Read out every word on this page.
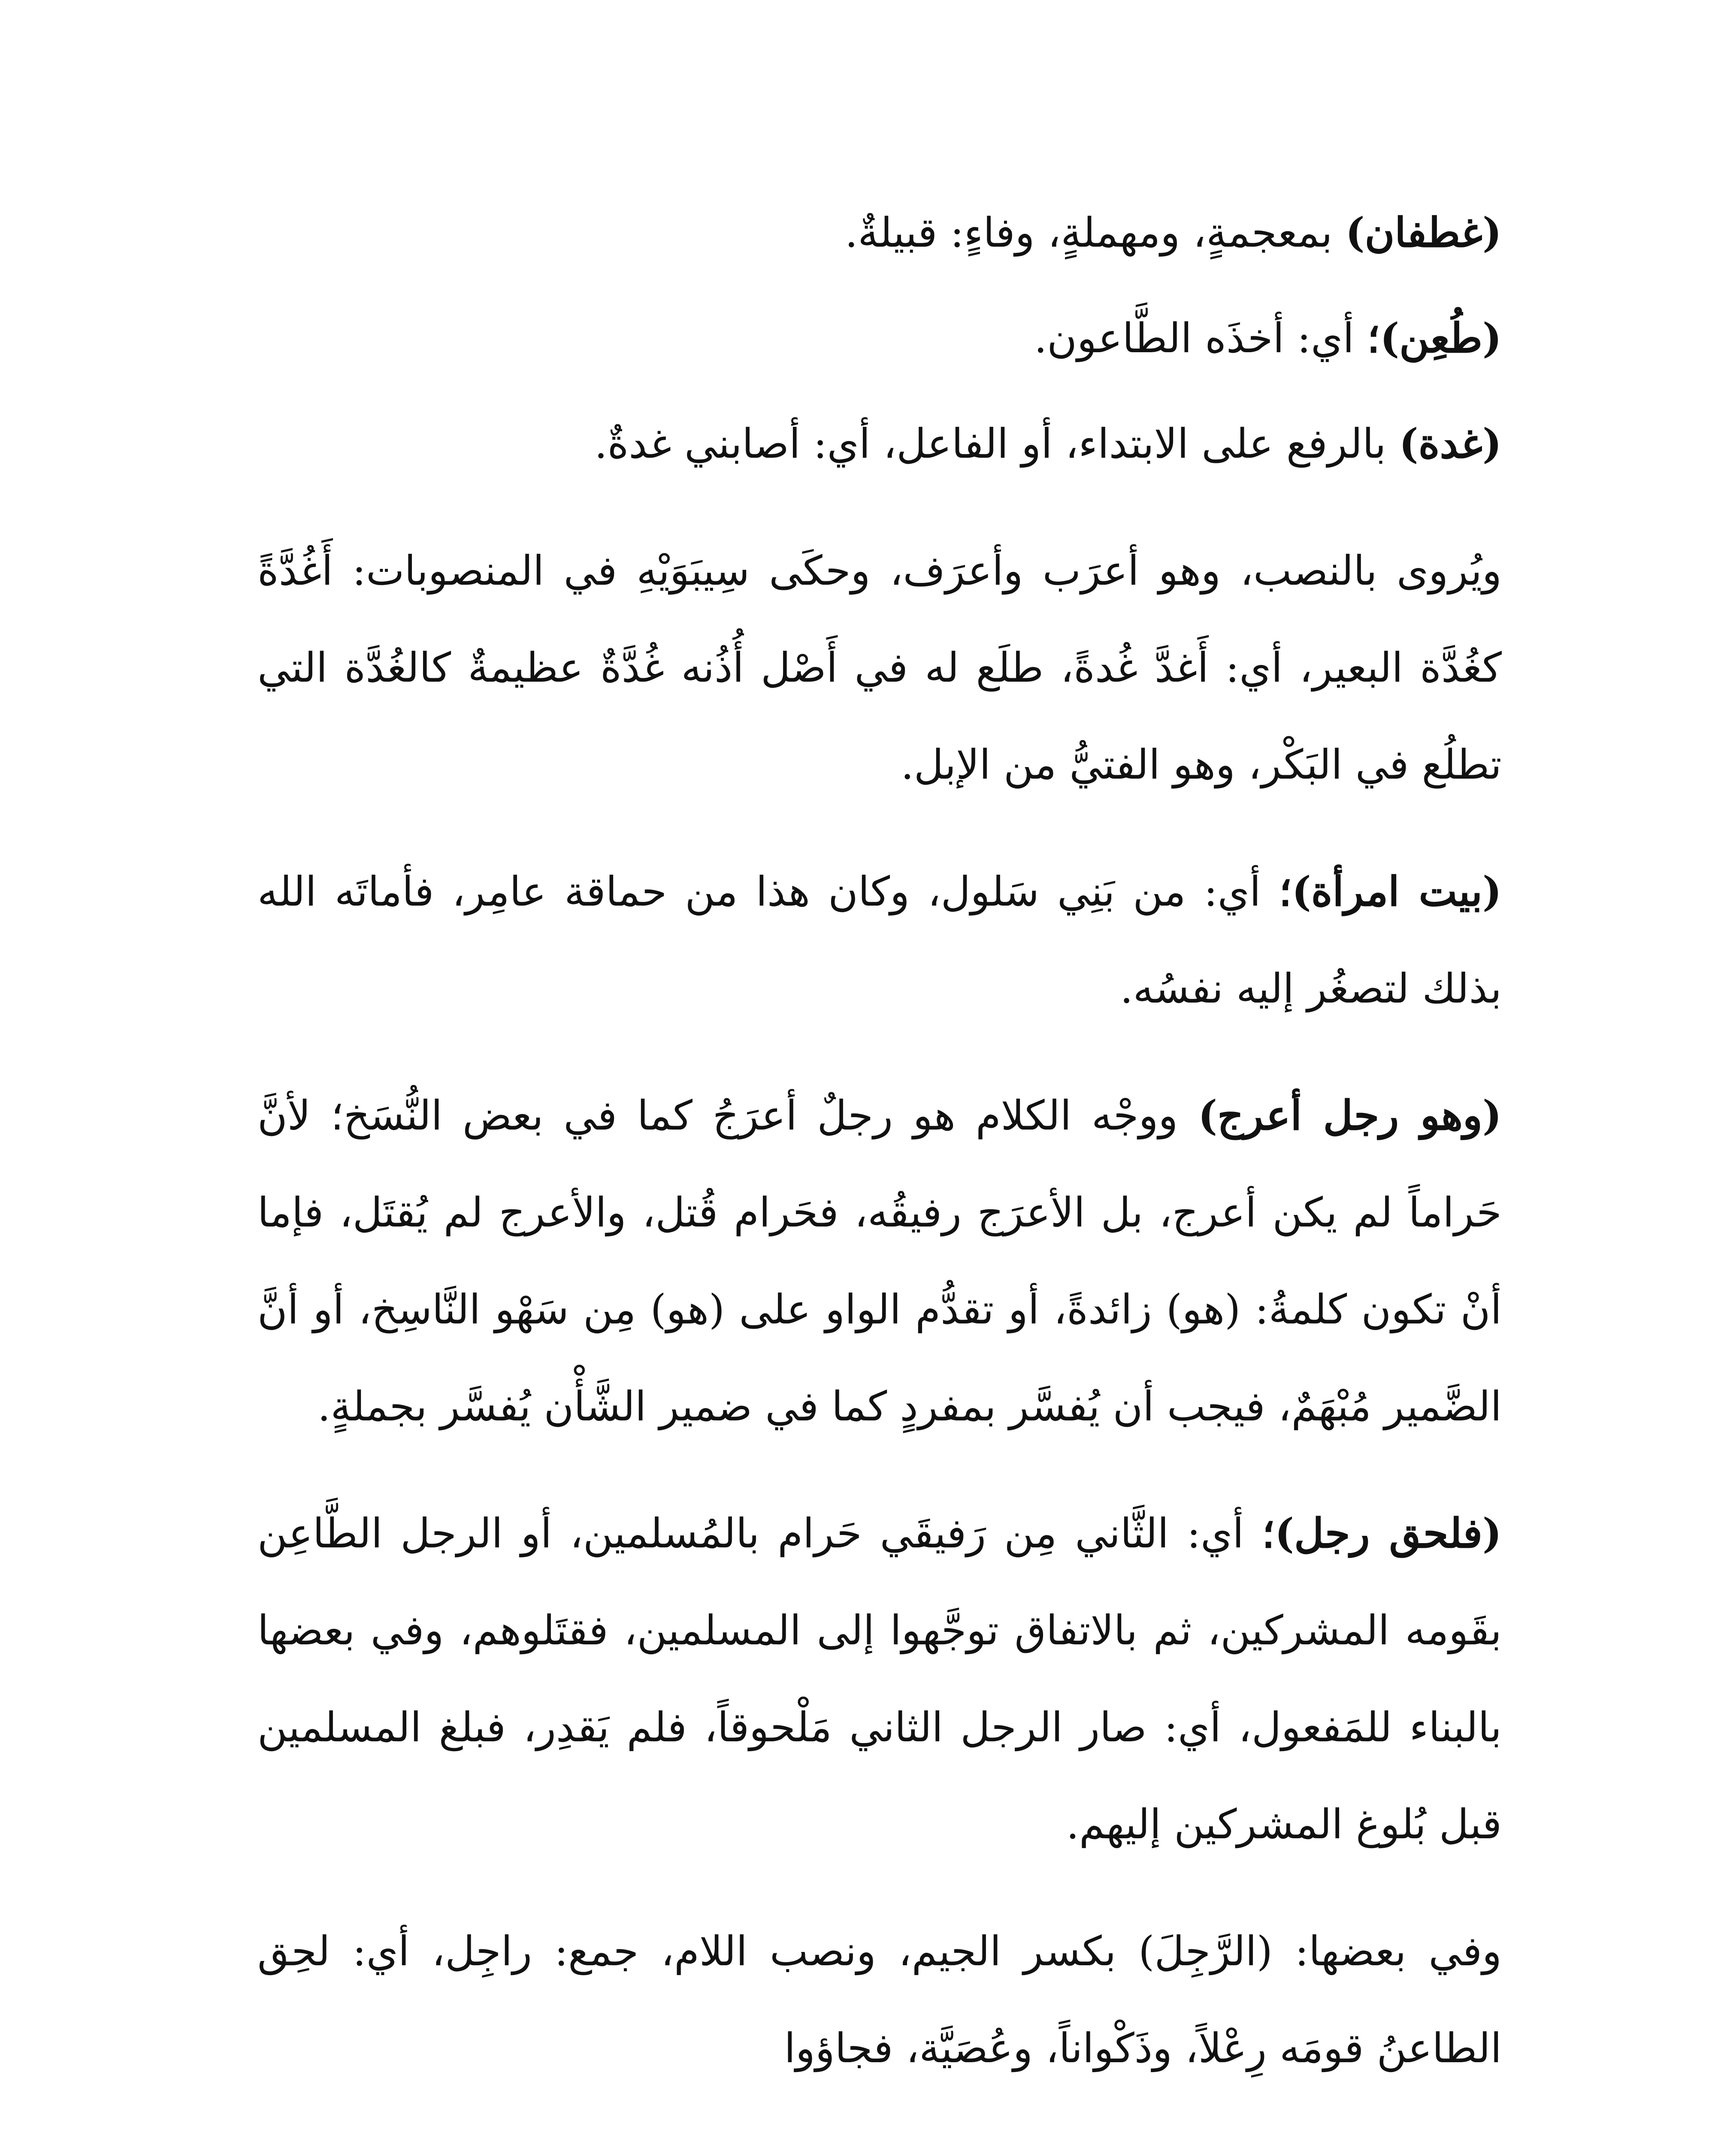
(غطفان) بمعجمةٍ، ومهملةٍ، وفاءٍ: قبيلةٌ.

(طُعِن)؛ أي: أخذَه الطَّاعون.

(غدة) بالرفع على الابتداء، أو الفاعل، أي: أصابني غدةٌ.

ويُروى بالنصب، وهو أعرَب وأعرَف، وحكَى سِيبَوَيْهِ في المنصوبات: أَغُدَّةً كغُدَّة البعير، أي: أَغدَّ غُدةً، طلَع له في أَصْل أُذُنه غُدَّةٌ عظيمةٌ كالغُدَّة التي تطلُع في البَكْر، وهو الفتيُّ من الإبل.

(بيت امرأة)؛ أي: من بَنِي سَلول، وكان هذا من حماقة عامِر، فأماتَه الله بذلك لتصغُر إليه نفسُه.

(وهو رجل أعرج) ووجْه الكلام هو رجلٌ أعرَجُ كما في بعض النُّسَخ؛ لأنَّ حَراماً لم يكن أعرج، بل الأعرَج رفيقُه، فحَرام قُتل، والأعرج لم يُقتَل، فإما أنْ تكون كلمةُ: (هو) زائدةً، أو تقدُّم الواو على (هو) مِن سَهْو النَّاسِخ، أو أنَّ الضَّمير مُبْهَمٌ، فيجب أن يُفسَّر بمفردٍ كما في ضمير الشَّأْن يُفسَّر بجملةٍ.

(فلحق رجل)؛ أي: الثَّاني مِن رَفيقَي حَرام بالمُسلمين، أو الرجل الطَّاعِن بقَومه المشركين، ثم بالاتفاق توجَّهوا إلى المسلمين، فقتَلوهم، وفي بعضها بالبناء للمَفعول، أي: صار الرجل الثاني مَلْحوقاً، فلم يَقدِر، فبلغ المسلمين قبل بُلوغ المشركين إليهم.

وفي بعضها: (الرَّجِلَ) بكسر الجيم، ونصب اللام، جمع: راجِل، أي: لحِق الطاعنُ قومَه رِعْلاً، وذَكْواناً، وعُصَيَّة، فجاؤوا
